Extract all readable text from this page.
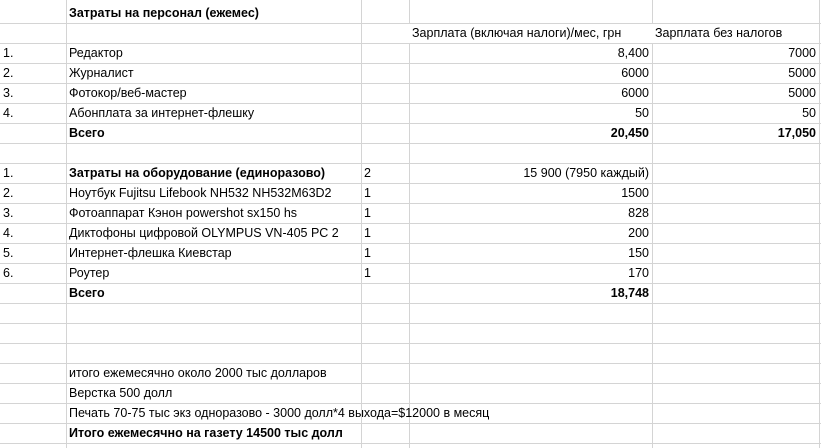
Затраты на персонал (ежемес)
Зарплата (включая налоги)/мес, грн	Зарплата без налогов
1.	Редактор	8,400	7000
2.	Журналист	6000	5000
3.	Фотокор/веб-мастер	6000	5000
4.	Абонплата за интернет-флешку	50	50
Всего	20,450	17,050
1.	Затраты на оборудование (единоразово)	2	15 900 (7950 каждый)
2.	Ноутбук Fujitsu Lifebook NH532 NH532M63D2	1	1500
3.	Фотоаппарат Кэнон powershot sx150 hs	1	828
4.	Диктофоны цифровой OLYMPUS VN-405 PC 2	1	200
5.	Интернет-флешка Киевстар	1	150
6.	Роутер	1	170
Всего	18,748
итого ежемесячно около 2000 тыс долларов
Верстка 500 долл
Печать 70-75 тыс экз одноразово - 3000 долл*4 выхода=$12000 в месяц
Итого ежемесячно на газету 14500 тыс долл
